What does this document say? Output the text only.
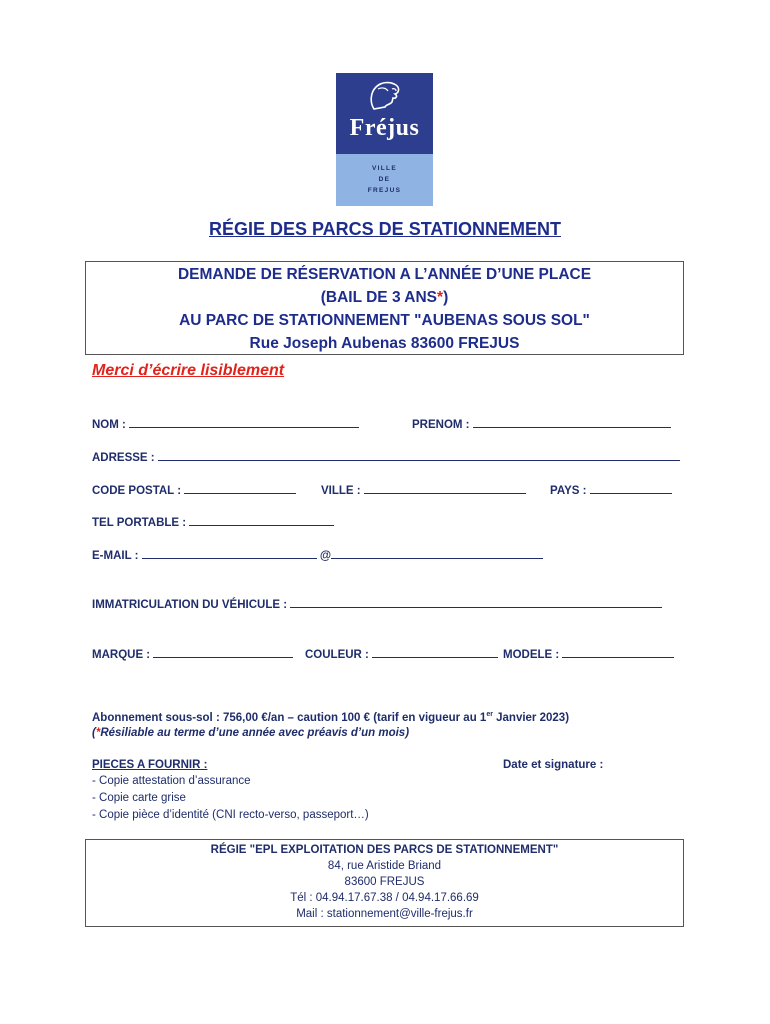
Fréjus
VILLE
DE
FREJUS
RÉGIE DES PARCS DE STATIONNEMENT
DEMANDE DE RÉSERVATION A L’ANNÉE D’UNE PLACE
(BAIL DE 3 ANS*)
AU PARC DE STATIONNEMENT "AUBENAS SOUS SOL"
Rue Joseph Aubenas 83600 FREJUS
Merci d’écrire lisiblement
NOM :	PRENOM :
ADRESSE :
CODE POSTAL :	VILLE :	PAYS :
TEL PORTABLE :
E-MAIL :	@
IMMATRICULATION DU VÉHICULE :
MARQUE :	COULEUR :	MODELE :
Abonnement sous-sol : 756,00 €/an – caution 100 € (tarif en vigueur au 1er Janvier 2023)
(*Résiliable au terme d’une année avec préavis d’un mois)
PIECES A FOURNIR :
- Copie attestation d’assurance
- Copie carte grise
- Copie pièce d’identité (CNI recto-verso, passeport…)
Date et signature :
RÉGIE "EPL EXPLOITATION DES PARCS DE STATIONNEMENT"
84, rue Aristide Briand
83600 FREJUS
Tél : 04.94.17.67.38 / 04.94.17.66.69
Mail : stationnement@ville-frejus.fr
